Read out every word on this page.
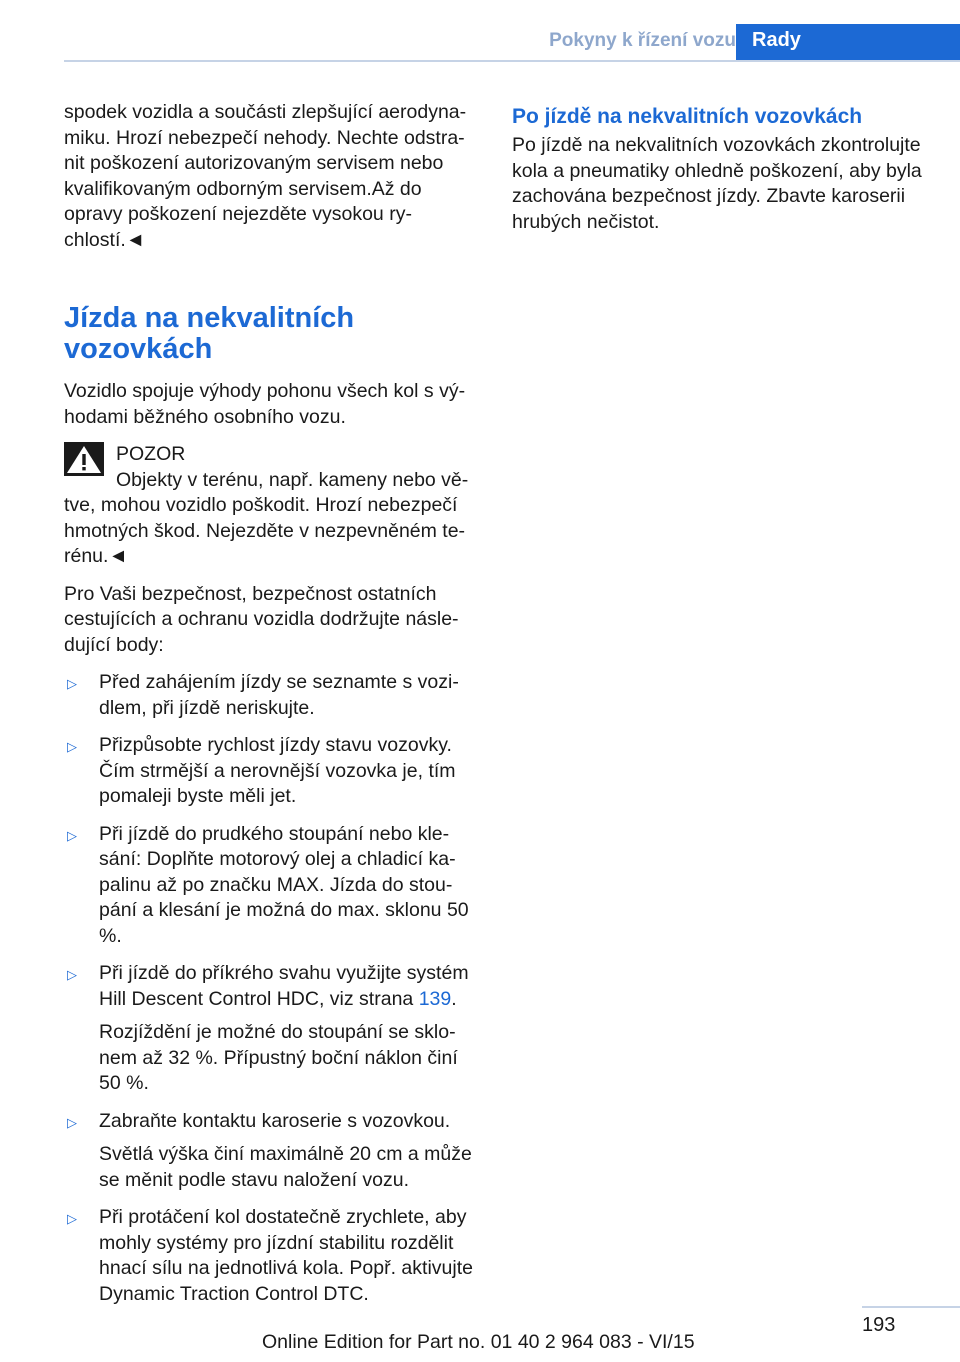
Pokyny k řízení vozu Rady

spodek vozidla a součásti zlepšující aerodyna-miku. Hrozí nebezpečí nehody. Nechte odstra-nit poškození autorizovaným servisem nebo kvalifikovaným odborným servisem.Až do opravy poškození nejezděte vysokou ry-chlostí.◄

Jízda na nekvalitních vozovkách

Vozidlo spojuje výhody pohonu všech kol s vý-hodami běžného osobního vozu.

POZOR

Objekty v terénu, např. kameny nebo vě-tve, mohou vozidlo poškodit. Hrozí nebezpečí hmotných škod. Nejezděte v nezpevněném te-rénu.◄

Pro Vaši bezpečnost, bezpečnost ostatních cestujících a ochranu vozidla dodržujte násle-dující body:

▷ Před zahájením jízdy se seznamte s vozi-dlem, při jízdě neriskujte.
▷ Přizpůsobte rychlost jízdy stavu vozovky. Čím strmější a nerovnější vozovka je, tím pomaleji byste měli jet.
▷ Při jízdě do prudkého stoupání nebo kle-sání: Doplňte motorový olej a chladicí ka-palinu až po značku MAX. Jízda do stou-pání a klesání je možná do max. sklonu 50 %.
▷ Při jízdě do příkrého svahu využijte systém Hill Descent Control HDC, viz strana 139.
Rozjíždění je možné do stoupání se sklo-nem až 32 %. Přípustný boční náklon činí 50 %.
▷ Zabraňte kontaktu karoserie s vozovkou.
Světlá výška činí maximálně 20 cm a může se měnit podle stavu naložení vozu.
▷ Při protáčení kol dostatečně zrychlete, aby mohly systémy pro jízdní stabilitu rozdělit hnací sílu na jednotlivá kola. Popř. aktivujte Dynamic Traction Control DTC.
Po jízdě na nekvalitních vozovkách

Po jízdě na nekvalitních vozovkách zkontrolujte kola a pneumatiky ohledně poškození, aby byla zachována bezpečnost jízdy. Zbavte karoserii hrubých nečistot.

193
Online Edition for Part no. 01 40 2 964 083 - VI/15
